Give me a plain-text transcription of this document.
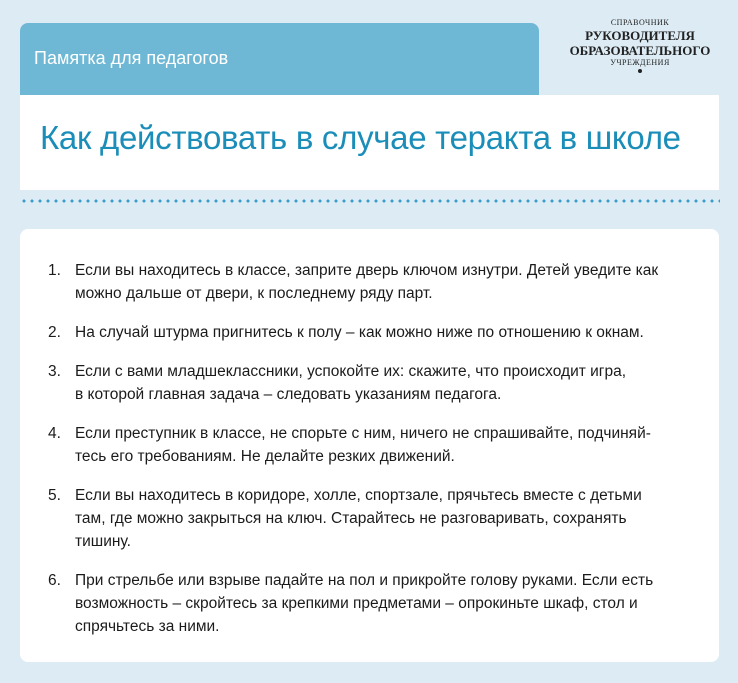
Памятка для педагогов
СПРАВОЧНИК
РУКОВОДИТЕЛЯ
ОБРАЗОВАТЕЛЬНОГО
УЧРЕЖДЕНИЯ
Как действовать в случае теракта в школе
1. Если вы находитесь в классе, заприте дверь ключом изнутри. Детей уведите как
можно дальше от двери, к последнему ряду парт.
2. На случай штурма пригнитесь к полу – как можно ниже по отношению к окнам.
3. Если с вами младшеклассники, успокойте их: скажите, что происходит игра,
в которой главная задача – следовать указаниям педагога.
4. Если преступник в классе, не спорьте с ним, ничего не спрашивайте, подчиняй-
тесь его требованиям. Не делайте резких движений.
5. Если вы находитесь в коридоре, холле, спортзале, прячьтесь вместе с детьми
там, где можно закрыться на ключ. Старайтесь не разговаривать, сохранять
тишину.
6. При стрельбе или взрыве падайте на пол и прикройте голову руками. Если есть
возможность – скройтесь за крепкими предметами – опрокиньте шкаф, стол и
спрячьтесь за ними.
